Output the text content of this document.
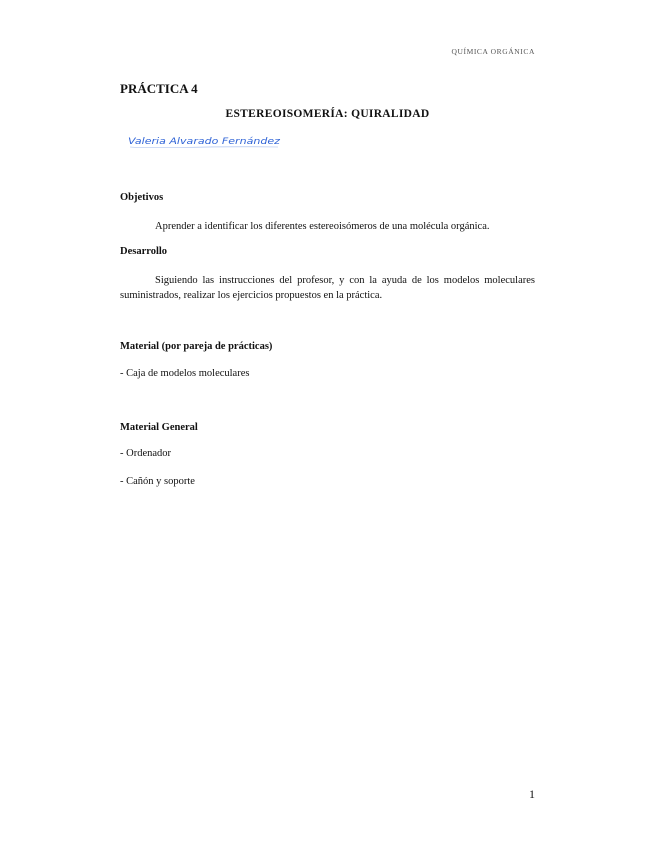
QUÍMICA ORGÁNICA
PRÁCTICA 4
ESTEREOISOMERÍA: QUIRALIDAD
Valeria Alvarado Fernández
Objetivos
Aprender a identificar los diferentes estereoisómeros de una molécula orgánica.
Desarrollo
Siguiendo las instrucciones del profesor, y con la ayuda de los modelos moleculares suministrados, realizar los ejercicios propuestos en la práctica.
Material (por pareja de prácticas)
- Caja de modelos moleculares
Material General
- Ordenador
- Cañón y soporte
1
